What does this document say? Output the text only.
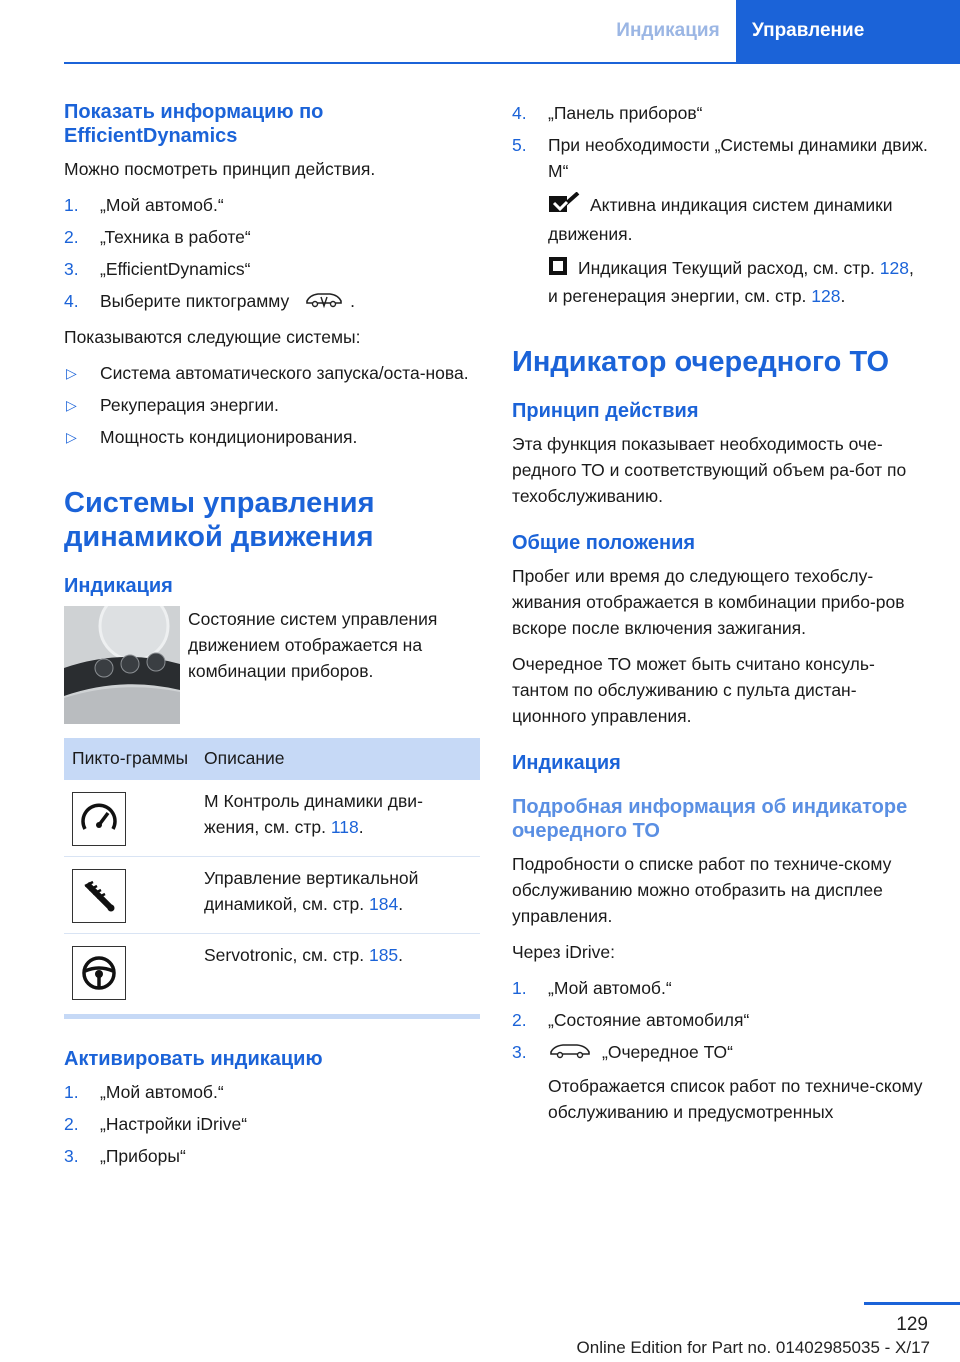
Индикация	Управление
Показать информацию по EfficientDynamics

Можно посмотреть принцип действия.

1. „Мой автомоб.“
2. „Техника в работе“
3. „EfficientDynamics“
4. Выберите пиктограмму	.

Показываются следующие системы:

▷ Система автоматического запуска/оста-нова.
▷ Рекуперация энергии.
▷ Мощность кондиционирования.
Системы управления динамикой движения
Индикация

Состояние систем управления движением отображается на комбинации приборов.

Пикто-граммы	Описание

	M Контроль динамики дви-жения, см. стр. 118.

	Управление вертикальной динамикой, см. стр. 184.

	Servotronic, см. стр. 185.
Активировать индикацию
1. „Мой автомоб.“
2. „Настройки iDrive“
3. „Приборы“
4. „Панель приборов“
5. При необходимости „Системы динамики движ. M“
Активна индикация систем динамики движения.
Индикация Текущий расход, см. стр. 128, и регенерация энергии, см. стр. 128.
Индикатор очередного ТО
Принцип действия

Эта функция показывает необходимость оче-редного ТО и соответствующий объем ра-бот по техобслуживанию.

Общие положения

Пробег или время до следующего техобслу-живания отображается в комбинации прибо-ров вскоре после включения зажигания.

Очередное ТО может быть считано консуль-тантом по обслуживанию с пульта дистан-ционного управления.

Индикация
Подробная информация об индикаторе очередного ТО

Подробности о списке работ по техниче-скому обслуживанию можно отобразить на дисплее управления.

Через iDrive:

1. „Мой автомоб.“
2. „Состояние автомобиля“
3.	„Очередное ТО“
Отображается список работ по техниче-скому обслуживанию и предусмотренных
129
Online Edition for Part no. 01402985035 - X/17
